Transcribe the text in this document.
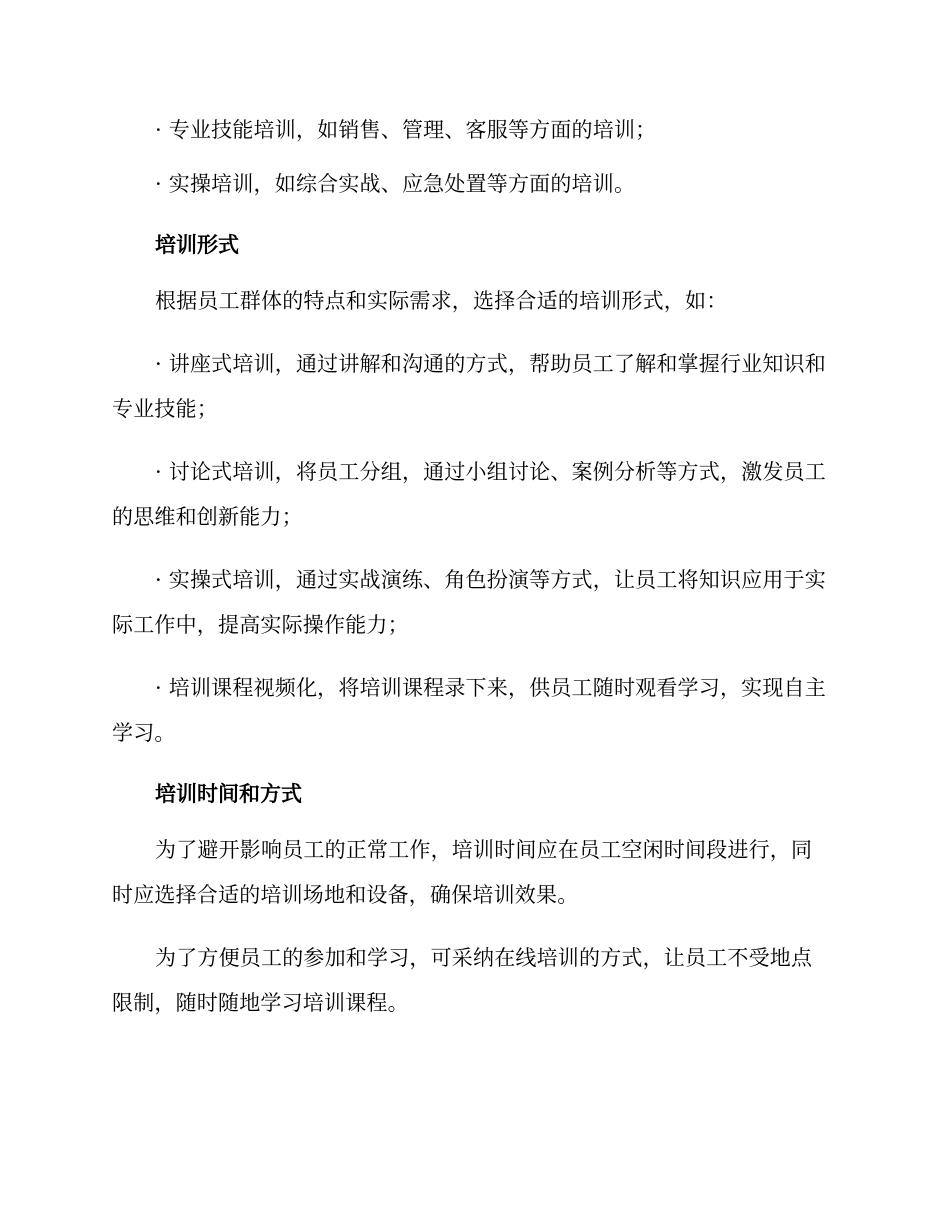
· 专业技能培训，如销售、管理、客服等方面的培训；

· 实操培训，如综合实战、应急处置等方面的培训。

培训形式

根据员工群体的特点和实际需求，选择合适的培训形式，如：

· 讲座式培训，通过讲解和沟通的方式，帮助员工了解和掌握行业知识和专业技能；

· 讨论式培训，将员工分组，通过小组讨论、案例分析等方式，激发员工的思维和创新能力；

· 实操式培训，通过实战演练、角色扮演等方式，让员工将知识应用于实际工作中，提高实际操作能力；

· 培训课程视频化，将培训课程录下来，供员工随时观看学习，实现自主学习。

培训时间和方式

为了避开影响员工的正常工作，培训时间应在员工空闲时间段进行，同时应选择合适的培训场地和设备，确保培训效果。

为了方便员工的参加和学习，可采纳在线培训的方式，让员工不受地点限制，随时随地学习培训课程。
